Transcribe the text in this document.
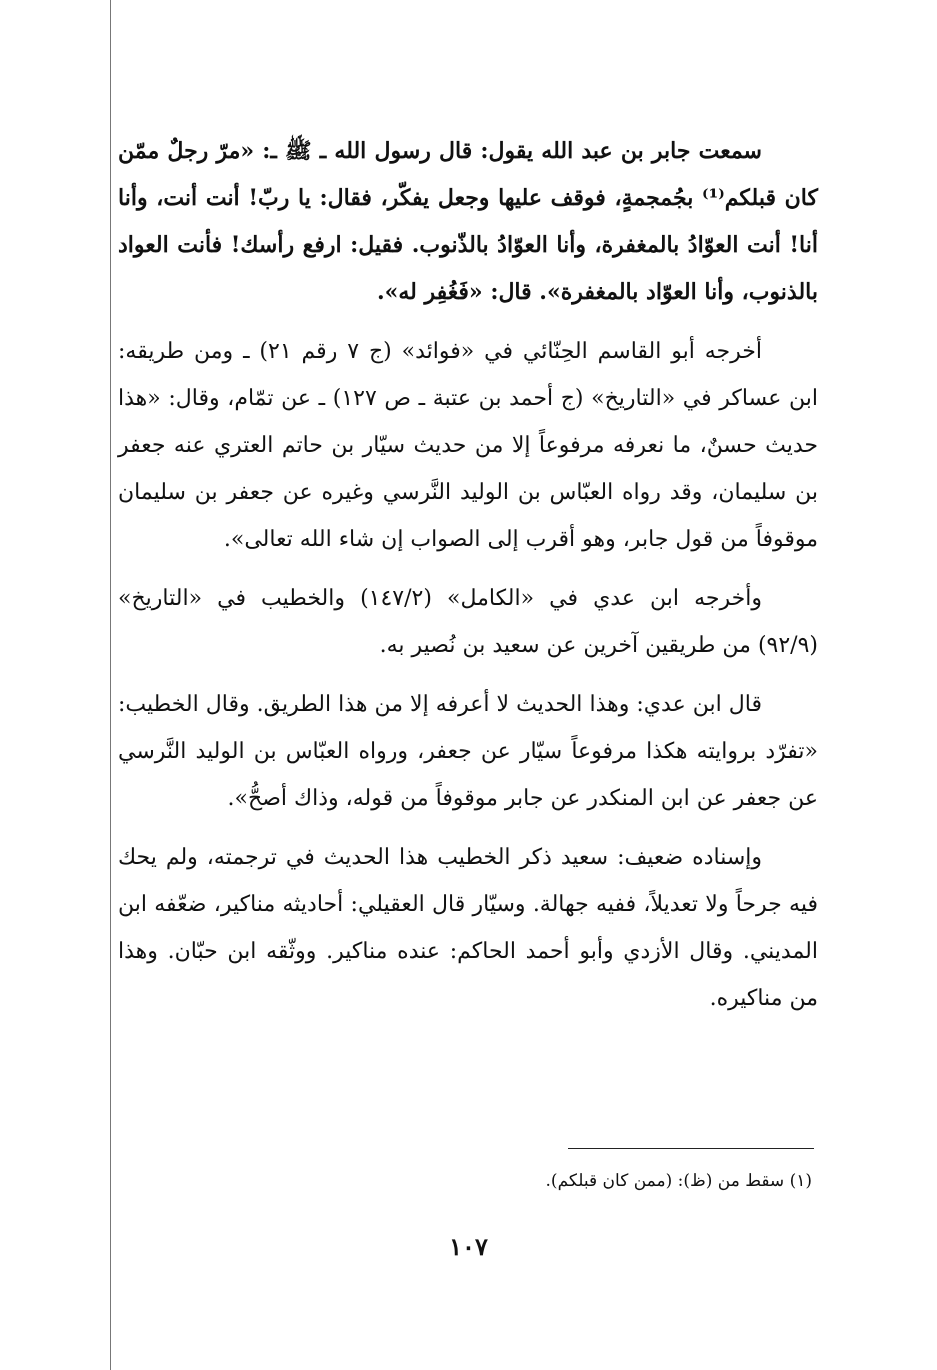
سمعت جابر بن عبد الله يقول: قال رسول الله ـ ﷺ ـ: «مرّ رجلٌ ممّن كان قبلكم⁽¹⁾ بجُمجمةٍ، فوقف عليها وجعل يفكّر، فقال: يا ربّ! أنت أنت، وأنا أنا! أنت العوّادُ بالمغفرة، وأنا العوّادُ بالذّنوب. فقيل: ارفع رأسك! فأنت العواد بالذنوب، وأنا العوّاد بالمغفرة». قال: «فَغُفِر له».

أخرجه أبو القاسم الحِنّائي في «فوائد» (ج ٧ رقم ٢١) ـ ومن طريقه: ابن عساكر في «التاريخ» (ج أحمد بن عتبة ـ ص ١٢٧) ـ عن تمّام، وقال: «هذا حديث حسنٌ، ما نعرفه مرفوعاً إلا من حديث سيّار بن حاتم العتري عنه جعفر بن سليمان، وقد رواه العبّاس بن الوليد النَّرسي وغيره عن جعفر بن سليمان موقوفاً من قول جابر، وهو أقرب إلى الصواب إن شاء الله تعالى».

وأخرجه ابن عدي في «الكامل» (١٤٧/٢) والخطيب في «التاريخ» (٩٢/٩) من طريقين آخرين عن سعيد بن نُصير به.

قال ابن عدي: وهذا الحديث لا أعرفه إلا من هذا الطريق. وقال الخطيب: «تفرّد بروايته هكذا مرفوعاً سيّار عن جعفر، ورواه العبّاس بن الوليد النَّرسي عن جعفر عن ابن المنكدر عن جابر موقوفاً من قوله، وذاك أصحُّ».

وإسناده ضعيف: سعيد ذكر الخطيب هذا الحديث في ترجمته، ولم يحك فيه جرحاً ولا تعديلاً، ففيه جهالة. وسيّار قال العقيلي: أحاديثه مناكير، ضعّفه ابن المديني. وقال الأزدي وأبو أحمد الحاكم: عنده مناكير. ووثّقه ابن حبّان. وهذا من مناكيره.

(١) سقط من (ظ): (ممن كان قبلكم).
١٠٧
